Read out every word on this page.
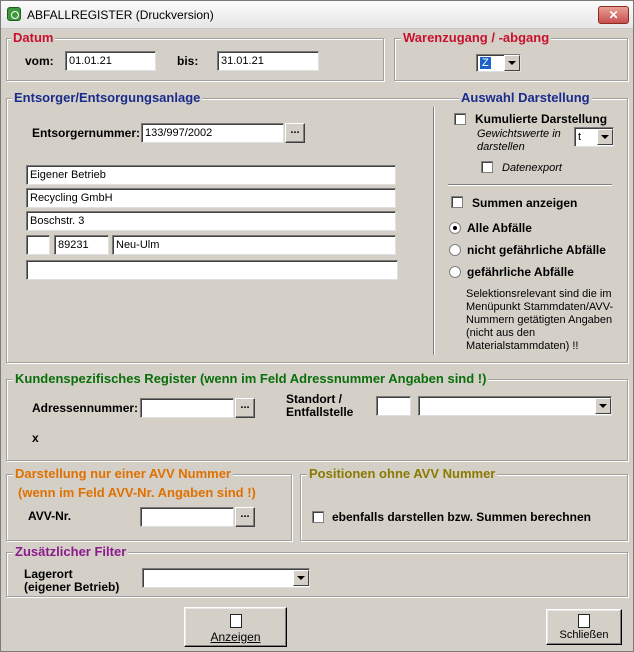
ABFALLREGISTER (Druckversion)	✕
Datum
vom:	01.01.21	bis:	31.01.21
Warenzugang / -abgang
Z
Entsorger/Entsorgungsanlage
Entsorgernummer: 133/997/2002	...
Eigener Betrieb
Recycling GmbH
Boschstr. 3
89231	Neu-Ulm
Auswahl Darstellung
Kumulierte Darstellung
Gewichtswerte in
darstellen
t
Datenexport
Summen anzeigen
Alle Abfälle
nicht gefährliche Abfälle
gefährliche Abfälle
Selektionsrelevant sind die im
Menüpunkt Stammdaten/AVV-
Nummern getätigten Angaben
(nicht aus den
Materialstammdaten) !!
Kundenspezifisches Register (wenn im Feld Adressnummer Angaben sind !)
Adressennummer:	...	Standort /
Entfallstelle
x
Darstellung nur einer AVV Nummer
(wenn im Feld AVV-Nr. Angaben sind !)
AVV-Nr.	...
Positionen ohne AVV Nummer
ebenfalls darstellen bzw. Summen berechnen
Zusätzlicher Filter
Lagerort
(eigener Betrieb)
Anzeigen	Schließen
